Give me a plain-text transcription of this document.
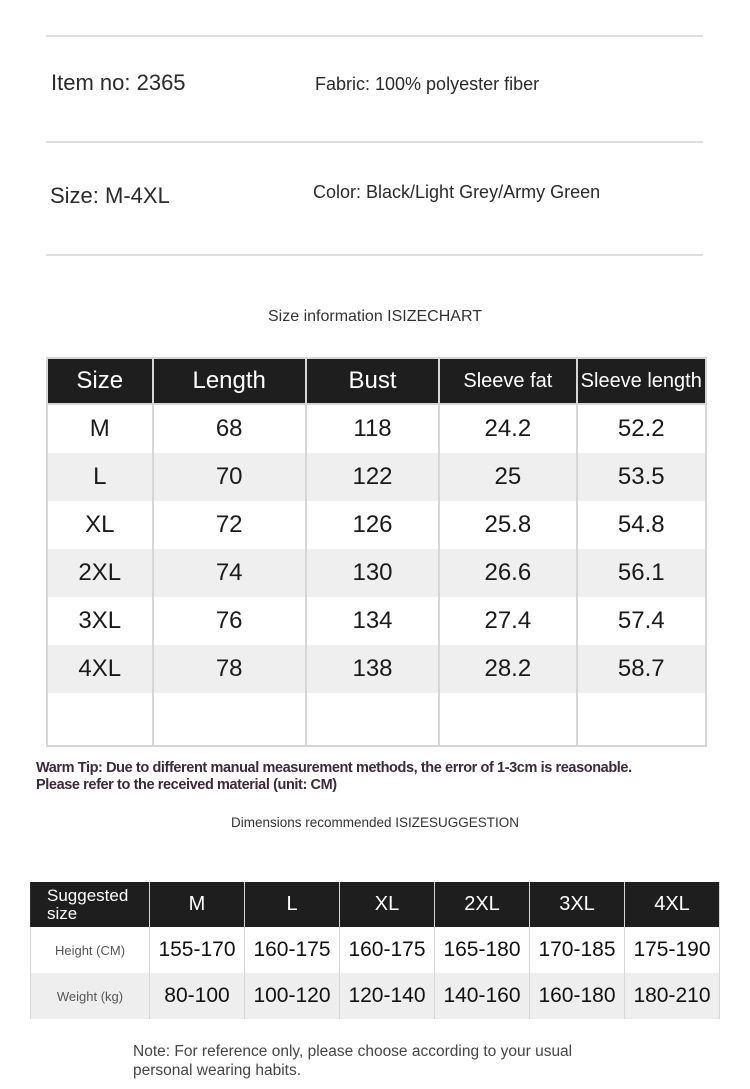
Item no: 2365	Fabric: 100% polyester fiber
Size: M-4XL	Color: Black/Light Grey/Army Green
Size information ISIZECHART
Size	Length	Bust	Sleeve fat	Sleeve length
M	68	118	24.2	52.2
L	70	122	25	53.5
XL	72	126	25.8	54.8
2XL	74	130	26.6	56.1
3XL	76	134	27.4	57.4
4XL	78	138	28.2	58.7

Warm Tip: Due to different manual measurement methods, the error of 1-3cm is reasonable. Please refer to the received material (unit: CM)
Dimensions recommended ISIZESUGGESTION
Suggested size	M	L	XL	2XL	3XL	4XL
Height (CM)	155-170	160-175	160-175	165-180	170-185	175-190
Weight (kg)	80-100	100-120	120-140	140-160	160-180	180-210
Note: For reference only, please choose according to your usual personal wearing habits.
